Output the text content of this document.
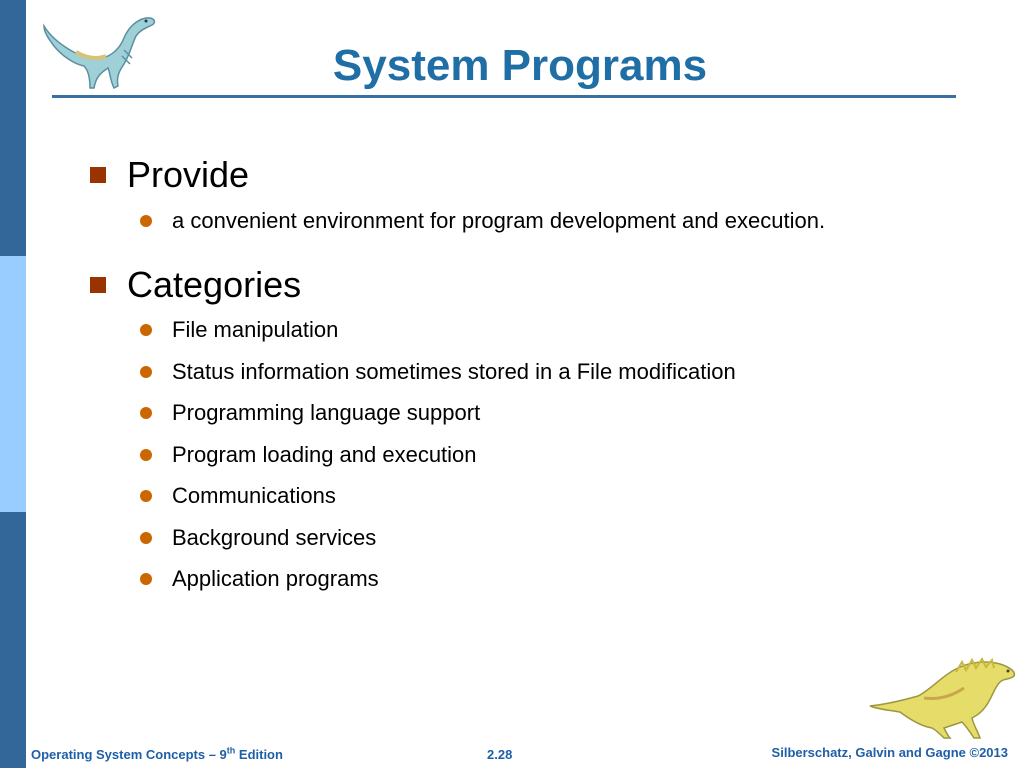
System Programs
Provide
a convenient environment for program development and execution.
Categories
File manipulation
Status information sometimes stored in a File modification
Programming language support
Program loading and execution
Communications
Background services
Application programs
Operating System Concepts – 9th Edition	2.28	Silberschatz, Galvin and Gagne ©2013
